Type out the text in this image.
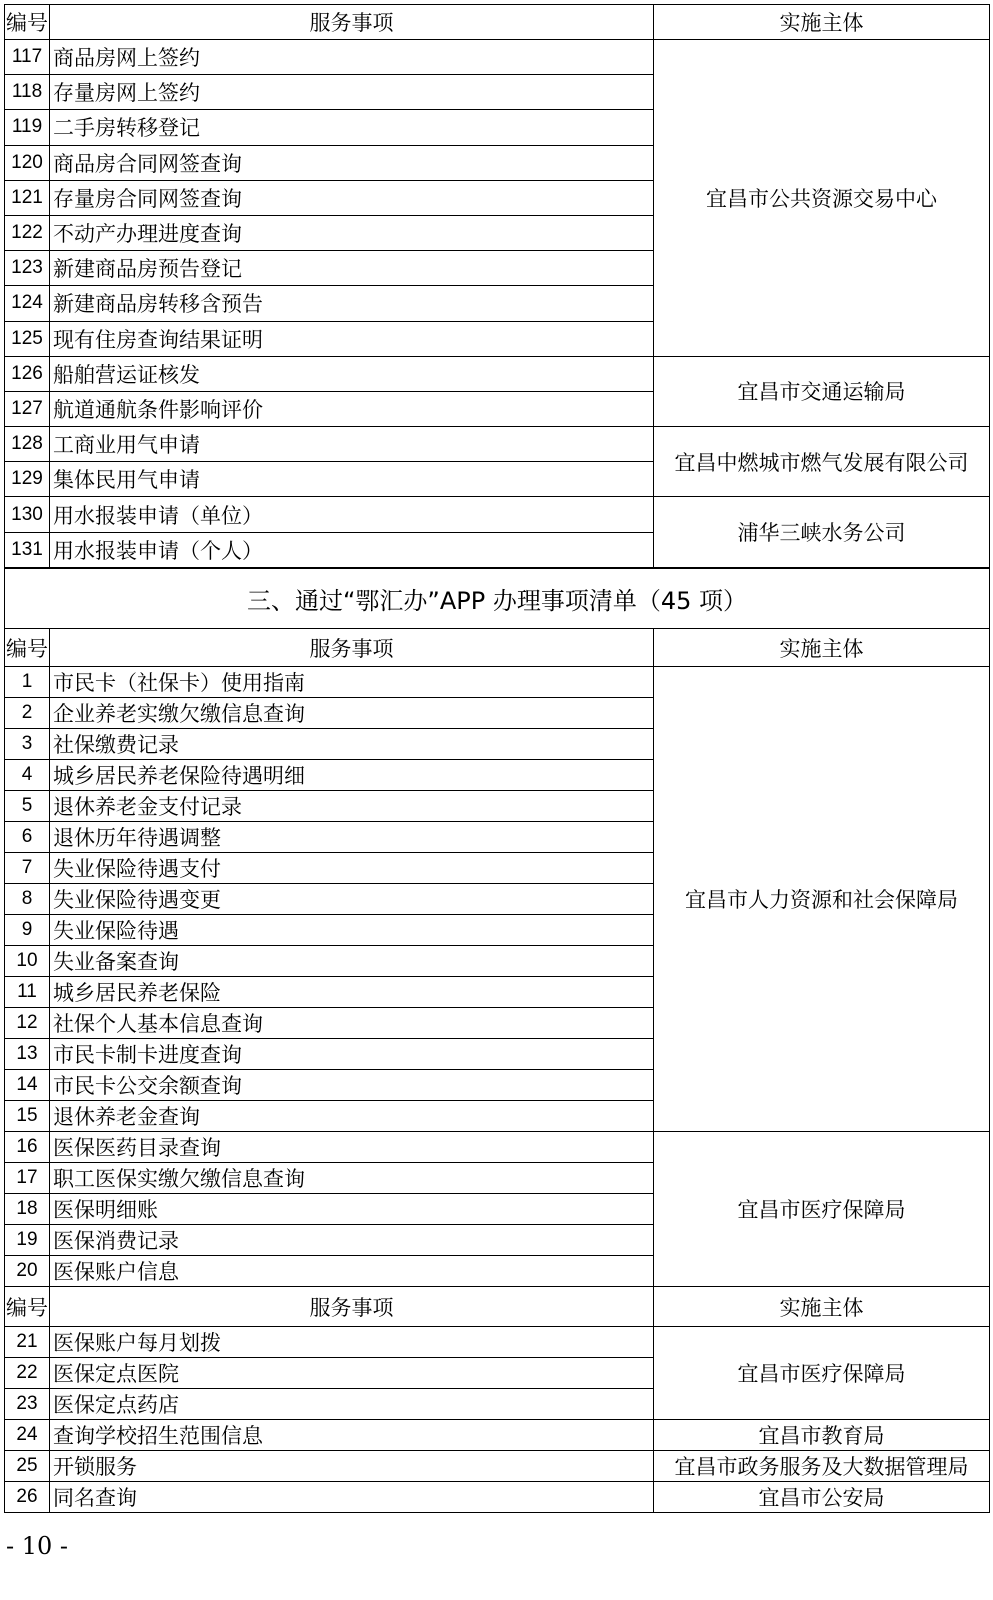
编号	服务事项	实施主体
117	商品房网上签约	宜昌市公共资源交易中心
118	存量房网上签约	
119	二手房转移登记	
120	商品房合同网签查询	
121	存量房合同网签查询	
122	不动产办理进度查询	
123	新建商品房预告登记	
124	新建商品房转移含预告	
125	现有住房查询结果证明	
126	船舶营运证核发	宜昌市交通运输局
127	航道通航条件影响评价	
128	工商业用气申请	宜昌中燃城市燃气发展有限公司
129	集体民用气申请	
130	用水报装申请（单位）	浦华三峡水务公司
131	用水报装申请（个人）	
三、通过“鄂汇办”APP 办理事项清单（45 项）		
编号	服务事项	实施主体
1	市民卡（社保卡）使用指南	宜昌市人力资源和社会保障局
2	企业养老实缴欠缴信息查询	
3	社保缴费记录	
4	城乡居民养老保险待遇明细	
5	退休养老金支付记录	
6	退休历年待遇调整	
7	失业保险待遇支付	
8	失业保险待遇变更	
9	失业保险待遇	
10	失业备案查询	
11	城乡居民养老保险	
12	社保个人基本信息查询	
13	市民卡制卡进度查询	
14	市民卡公交余额查询	
15	退休养老金查询	
16	医保医药目录查询	宜昌市医疗保障局
17	职工医保实缴欠缴信息查询	
18	医保明细账	
19	医保消费记录	
20	医保账户信息	
编号	服务事项	实施主体
21	医保账户每月划拨	宜昌市医疗保障局
22	医保定点医院	
23	医保定点药店	
24	查询学校招生范围信息	宜昌市教育局
25	开锁服务	宜昌市政务服务及大数据管理局
26	同名查询	宜昌市公安局
- 10 -
